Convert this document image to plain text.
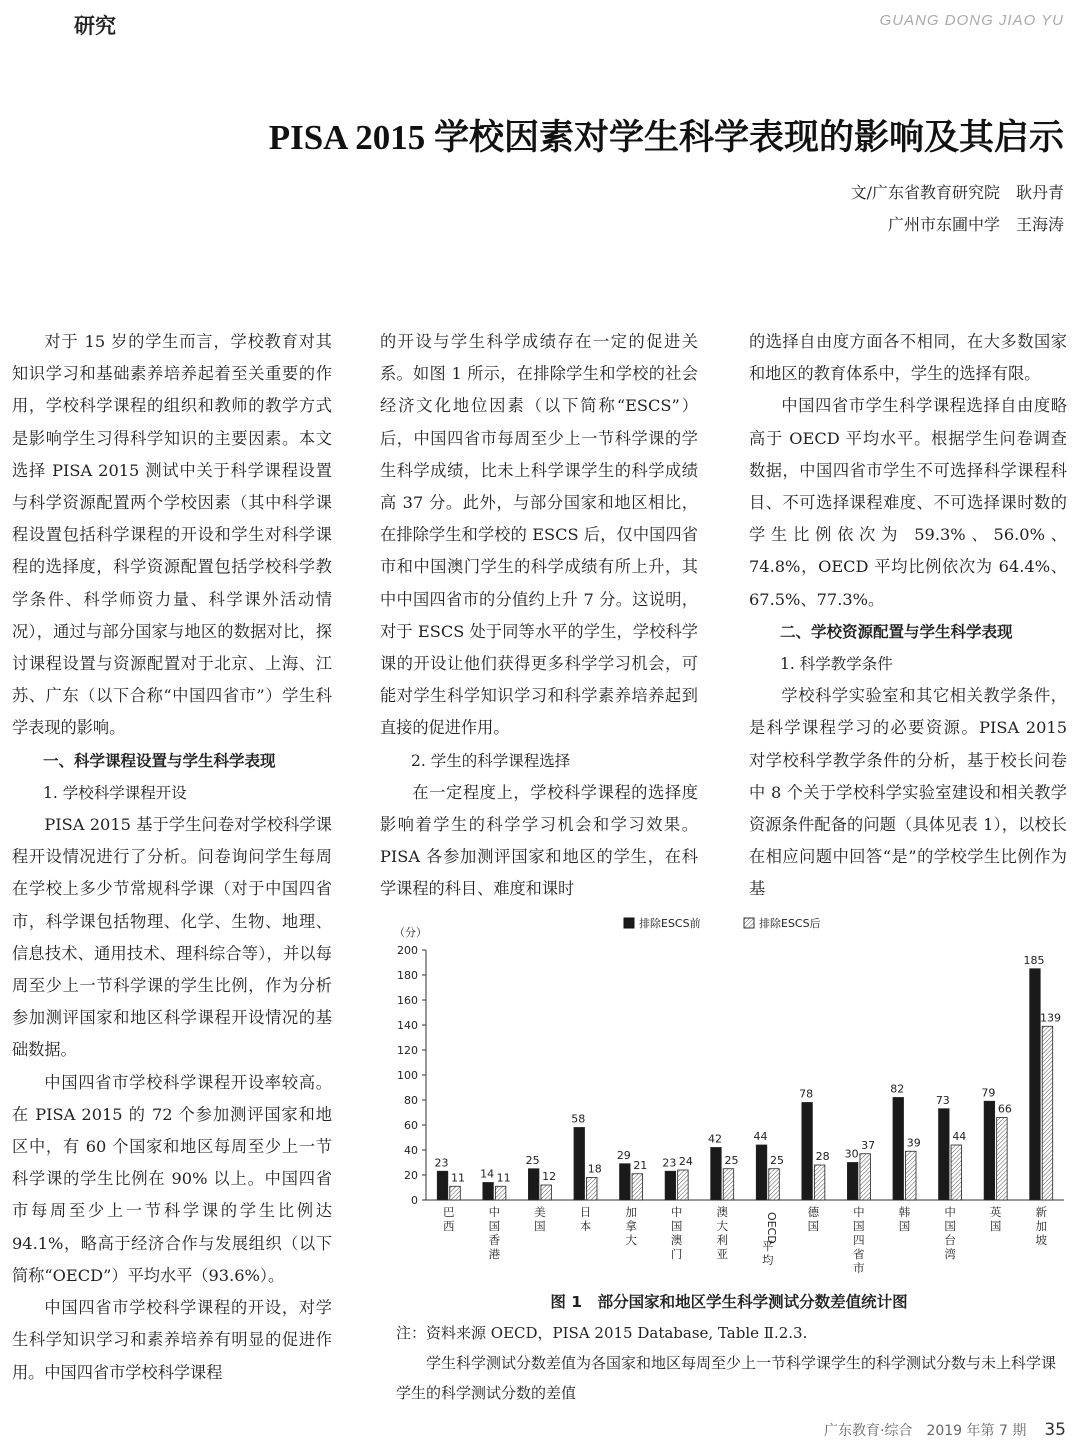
研究	GUANG DONG JIAO YU
PISA 2015 学校因素对学生科学表现的影响及其启示
文/广东省教育研究院　耿丹青
广州市东圃中学　王海涛

对于 15 岁的学生而言，学校教育对其知识学习和基础素养培养起着至关重要的作用，学校科学课程的组织和教师的教学方式是影响学生习得科学知识的主要因素。本文选择 PISA 2015 测试中关于科学课程设置与科学资源配置两个学校因素（其中科学课程设置包括科学课程的开设和学生对科学课程的选择度，科学资源配置包括学校科学教学条件、科学师资力量、科学课外活动情况），通过与部分国家与地区的数据对比，探讨课程设置与资源配置对于北京、上海、江苏、广东（以下合称“中国四省市”）学生科学表现的影响。

一、科学课程设置与学生科学表现

1. 学校科学课程开设

PISA 2015 基于学生问卷对学校科学课程开设情况进行了分析。问卷询问学生每周在学校上多少节常规科学课（对于中国四省市，科学课包括物理、化学、生物、地理、信息技术、通用技术、理科综合等），并以每周至少上一节科学课的学生比例，作为分析参加测评国家和地区科学课程开设情况的基础数据。

中国四省市学校科学课程开设率较高。在 PISA 2015 的 72 个参加测评国家和地区中，有 60 个国家和地区每周至少上一节科学课的学生比例在 90% 以上。中国四省市每周至少上一节科学课的学生比例达 94.1%，略高于经济合作与发展组织（以下简称“OECD”）平均水平（93.6%）。

中国四省市学校科学课程的开设，对学生科学知识学习和素养培养有明显的促进作用。中国四省市学校科学课程

的开设与学生科学成绩存在一定的促进关系。如图 1 所示，在排除学生和学校的社会经济文化地位因素（以下简称“ESCS”）后，中国四省市每周至少上一节科学课的学生科学成绩，比未上科学课学生的科学成绩高 37 分。此外，与部分国家和地区相比，在排除学生和学校的 ESCS 后，仅中国四省市和中国澳门学生的科学成绩有所上升，其中中国四省市的分值约上升 7 分。这说明，对于 ESCS 处于同等水平的学生，学校科学课的开设让他们获得更多科学学习机会，可能对学生科学知识学习和科学素养培养起到直接的促进作用。

2. 学生的科学课程选择

在一定程度上，学校科学课程的选择度影响着学生的科学学习机会和学习效果。PISA 各参加测评国家和地区的学生，在科学课程的科目、难度和课时

的选择自由度方面各不相同，在大多数国家和地区的教育体系中，学生的选择有限。

中国四省市学生科学课程选择自由度略高于 OECD 平均水平。根据学生问卷调查数据，中国四省市学生不可选择科学课程科目、不可选择课程难度、不可选择课时数的学生比例依次为 59.3%、56.0%、74.8%，OECD 平均比例依次为 64.4%、67.5%、77.3%。

二、学校资源配置与学生科学表现

1. 科学教学条件

学校科学实验室和其它相关教学条件，是科学课程学习的必要资源。PISA 2015 对学校科学教学条件的分析，基于校长问卷中 8 个关于学校科学实验室建设和相关教学资源条件配备的问题（具体见表 1），以校长在相应问题中回答“是”的学校学生比例作为基

（分）
0
20
40
60
80
100
120
140
160
180
200
排除ESCS前	排除ESCS后
23
11
巴
西
14 11
中
国
香
港
25
12
美
国
58
18
日
本
29
21
加
拿
大
23 24
中
国
澳
门
42
25
澳
大
利
亚
44
25
OECD
平
均
78
28
德
国
30
37
中
国
四
省
市
82
39
韩
国
73
44
中
国
台
湾
79
66
英
国
185
139
新
加
坡
图 1　部分国家和地区学生科学测试分数差值统计图
注：资料来源 OECD，PISA 2015 Database, Table Ⅱ.2.3.
　　学生科学测试分数差值为各国家和地区每周至少上一节科学课学生的科学测试分数与未上科学课学生的科学测试分数的差值
广东教育·综合　2019 年第 7 期 35
